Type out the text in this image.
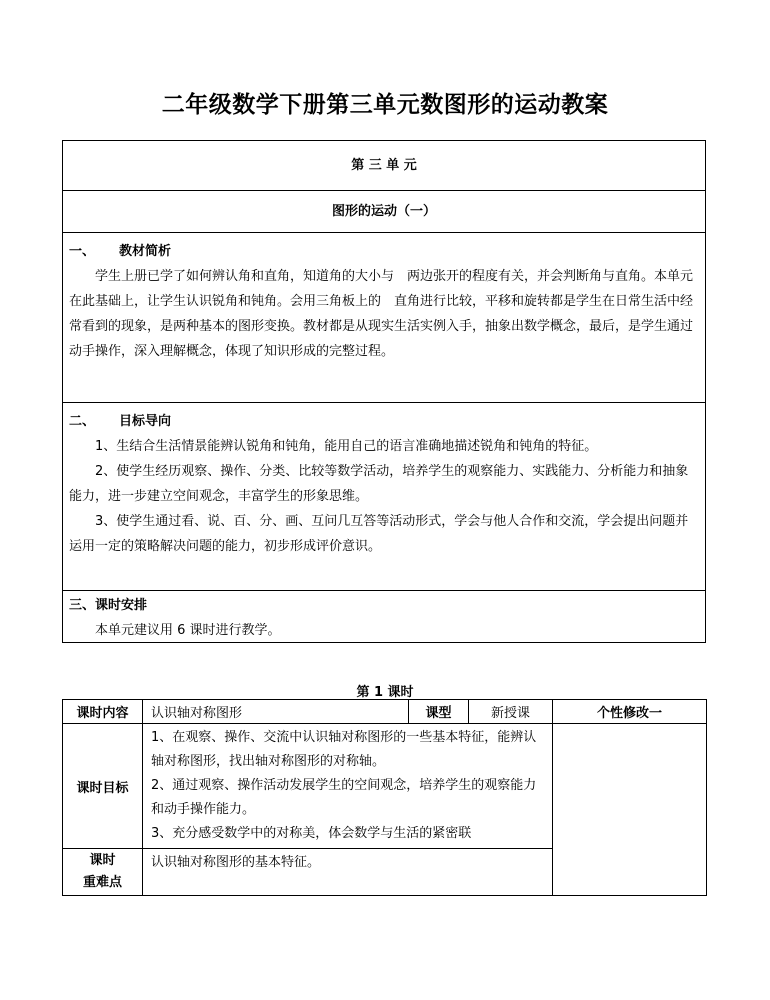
二年级数学下册第三单元数图形的运动教案
第 三 单 元
图形的运动（一）
一、 教材简析

学生上册已学了如何辨认角和直角，知道角的大小与　两边张开的程度有关，并会判断角与直角。本单元在此基础上，让学生认识锐角和钝角。会用三角板上的　直角进行比较，平移和旋转都是学生在日常生活中经常看到的现象，是两种基本的图形变换。教材都是从现实生活实例入手，抽象出数学概念，最后，是学生通过动手操作，深入理解概念，体现了知识形成的完整过程。

二、 目标导向

1、生结合生活情景能辨认锐角和钝角，能用自己的语言准确地描述锐角和钝角的特征。

2、使学生经历观察、操作、分类、比较等数学活动，培养学生的观察能力、实践能力、分析能力和抽象能力，进一步建立空间观念，丰富学生的形象思维。

3、使学生通过看、说、百、分、画、互问几互答等活动形式，学会与他人合作和交流，学会提出问题并运用一定的策略解决问题的能力，初步形成评价意识。

三、课时安排

本单元建议用 6 课时进行教学。

第 1 课时
课时内容	认识轴对称图形	课型	新授课	个性修改一
课时目标	1、在观察、操作、交流中认识轴对称图形的一些基本特征，能辨认轴对称图形，找出轴对称图形的对称轴。
2、通过观察、操作活动发展学生的空间观念，培养学生的观察能力和动手操作能力。
3、充分感受数学中的对称美，体会数学与生活的紧密联			

课时
重难点	认识轴对称图形的基本特征。			
